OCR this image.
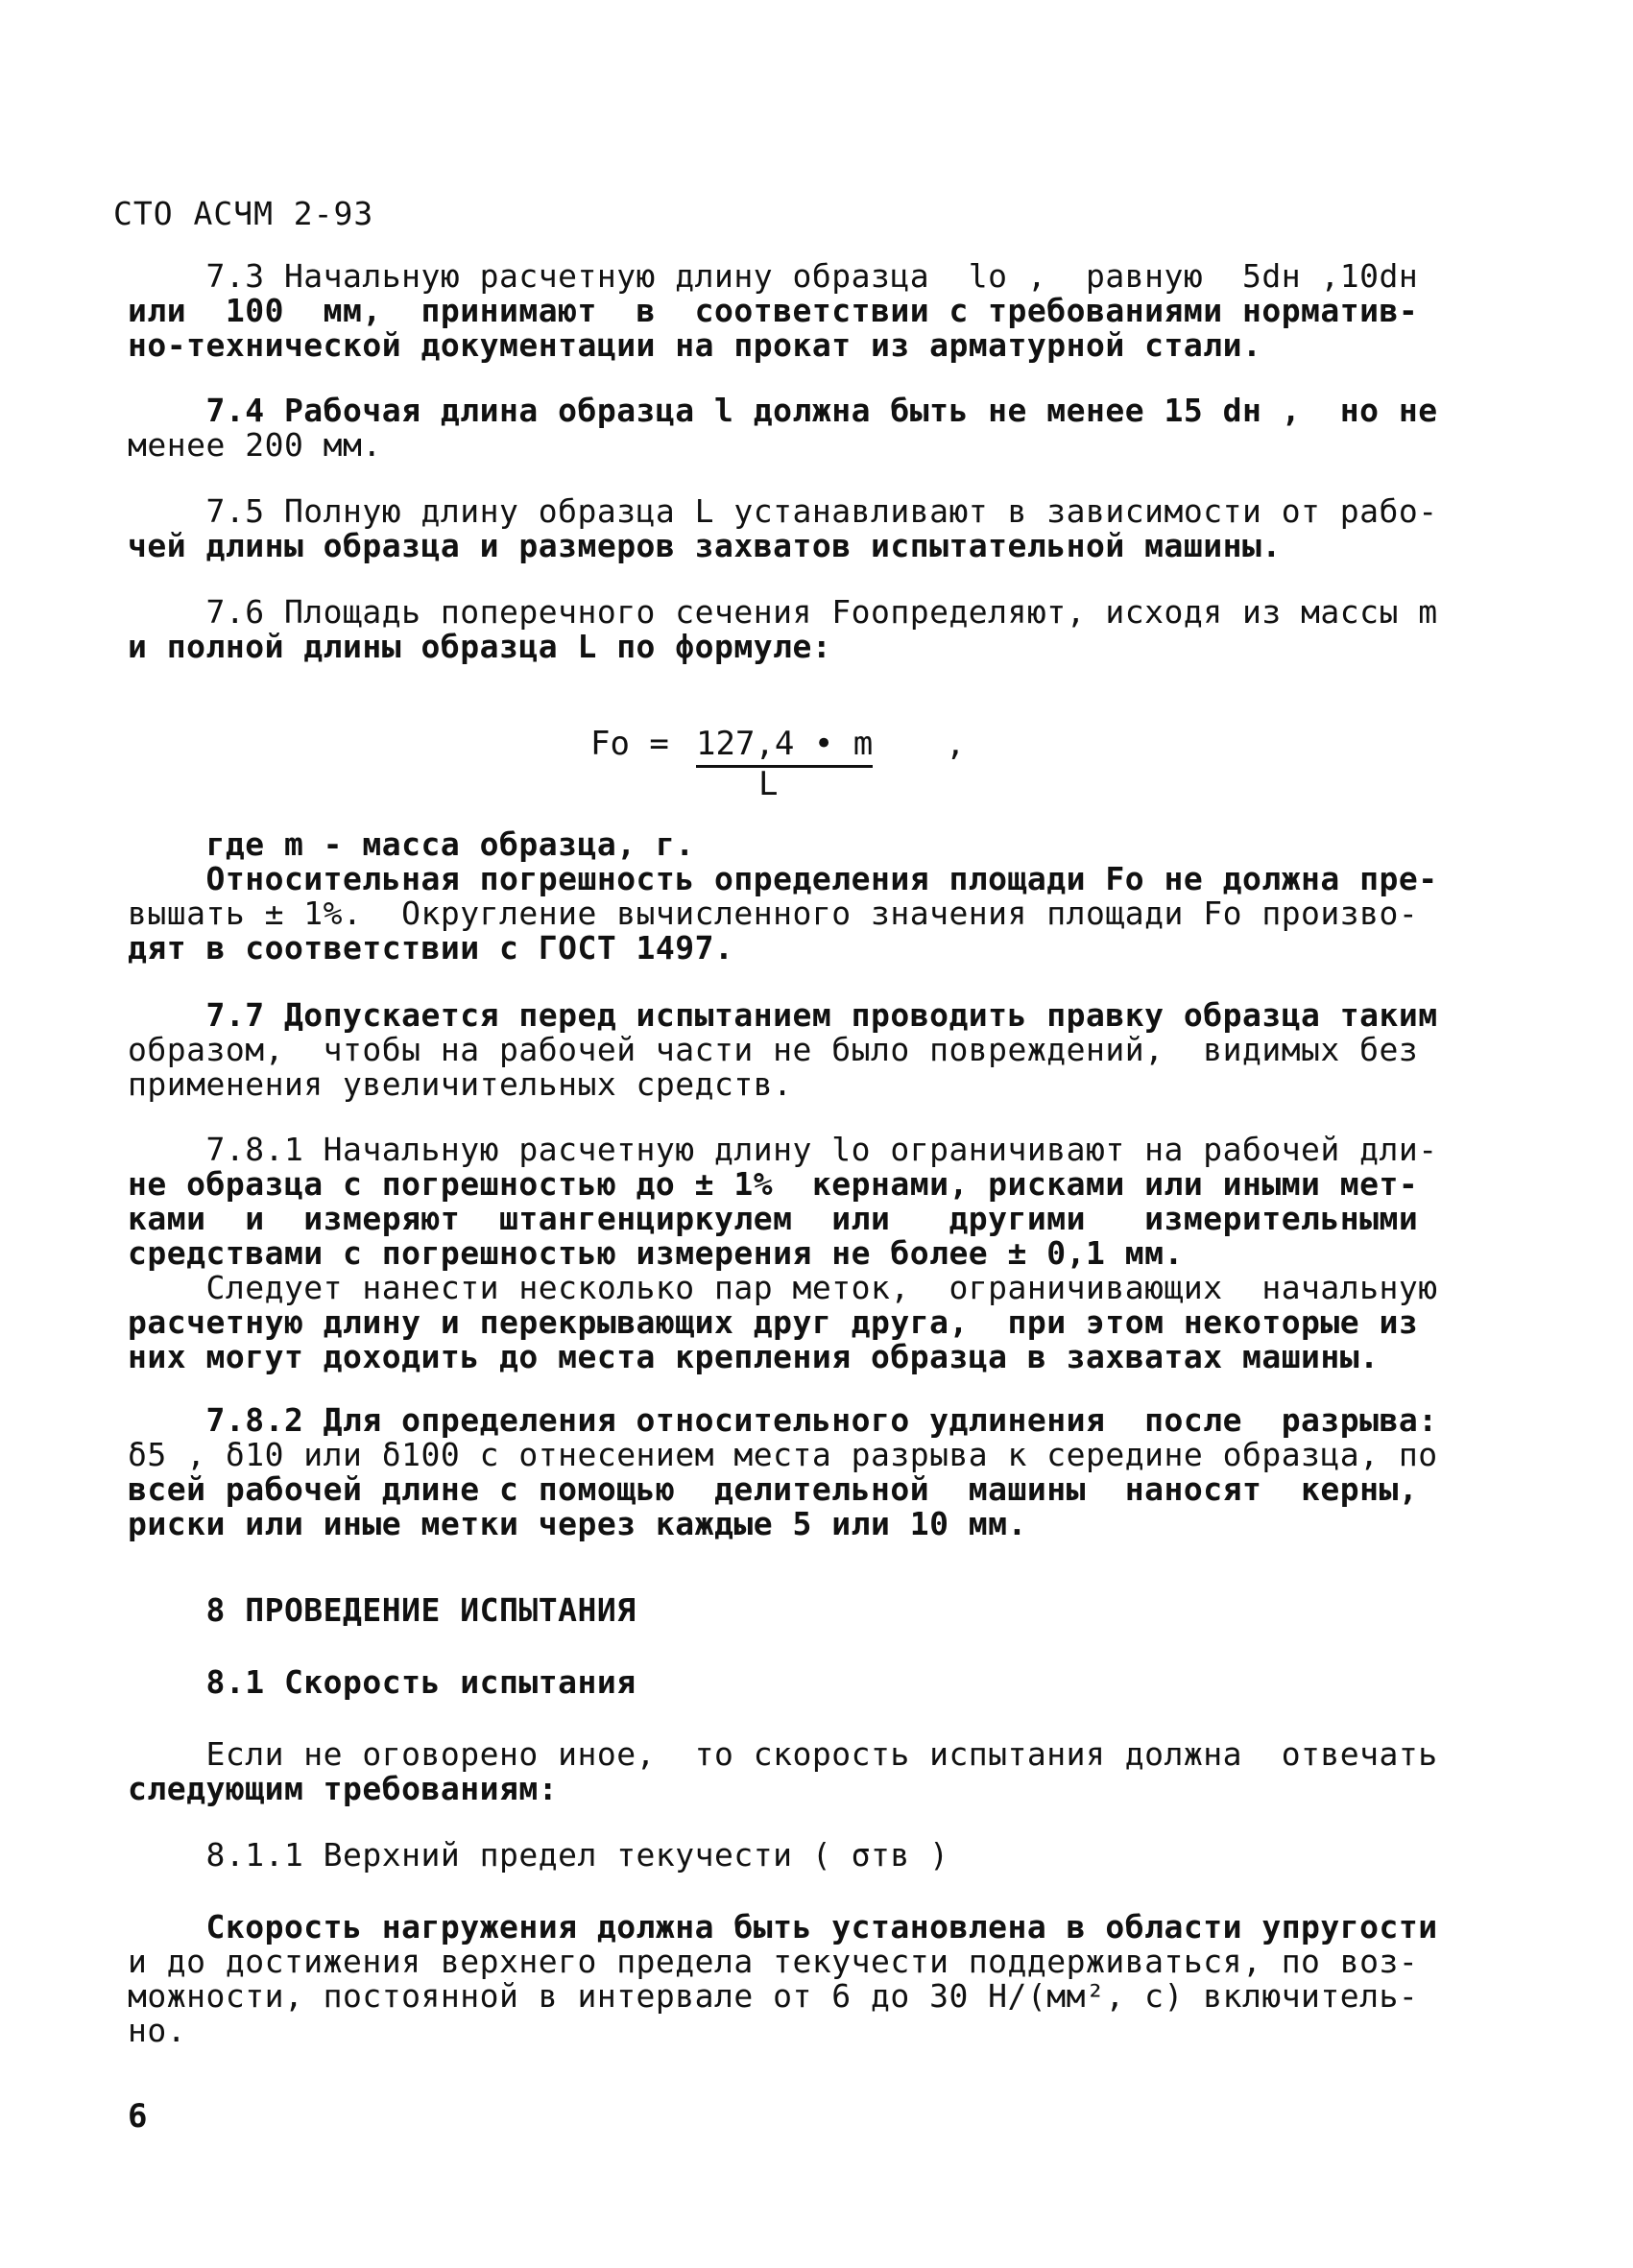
СТО АСЧМ 2-93
7.3 Начальную расчетную длину образца  lo ,  равную  5dн ,10dн
или  100  мм,  принимают  в  соответствии с требованиями норматив-
но-технической документации на прокат из арматурной стали.
7.4 Рабочая длина образца l должна быть не менее 15 dн ,  но не
менее 200 мм.
7.5 Полную длину образца L устанавливают в зависимости от рабо-
чей длины образца и размеров захватов испытательной машины.
7.6 Площадь поперечного сечения Foопределяют, исходя из массы m
и полной длины образца L по формуле:

Fo =

127,4 • m

L

,

где m - масса образца, г.
Относительная погрешность определения площади Fo не должна пре-
вышать ± 1%.  Округление вычисленного значения площади Fo произво-
дят в соответствии с ГОСТ 1497.
7.7 Допускается перед испытанием проводить правку образца таким
образом,  чтобы на рабочей части не было повреждений,  видимых без
применения увеличительных средств.
7.8.1 Начальную расчетную длину lo ограничивают на рабочей дли-
не образца с погрешностью до ± 1%  кернами, рисками или иными мет-
ками  и  измеряют  штангенциркулем  или   другими   измерительными
средствами с погрешностью измерения не более ± 0,1 мм.
Следует нанести несколько пар меток,  ограничивающих  начальную
расчетную длину и перекрывающих друг друга,  при этом некоторые из
них могут доходить до места крепления образца в захватах машины.
7.8.2 Для определения относительного удлинения  после  разрыва:
δ5 , δ10 или δ100 с отнесением места разрыва к середине образца, по
всей рабочей длине с помощью  делительной  машины  наносят  керны,
риски или иные метки через каждые 5 или 10 мм.
8 ПРОВЕДЕНИЕ ИСПЫТАНИЯ
8.1 Скорость испытания
Если не оговорено иное,  то скорость испытания должна  отвечать
следующим требованиям:
8.1.1 Верхний предел текучести ( σтв )
Скорость нагружения должна быть установлена в области упругости
и до достижения верхнего предела текучести поддерживаться, по воз-
можности, постоянной в интервале от 6 до 30 Н/(мм², с) включитель-
но.
6
